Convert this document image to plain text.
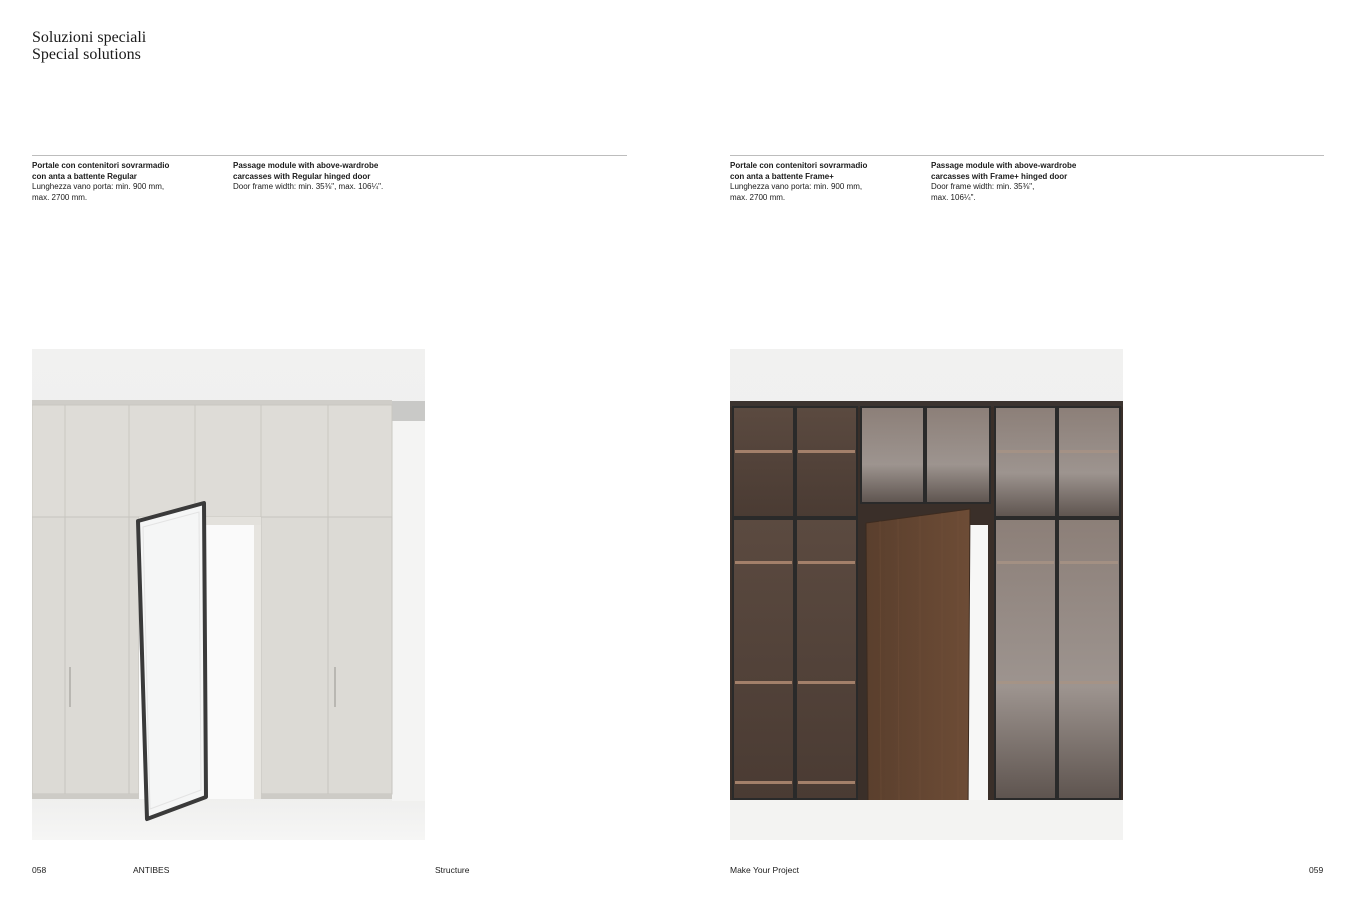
Soluzioni speciali
Special solutions
Portale con contenitori sovrarmadio
con anta a battente Regular
Lunghezza vano porta: min. 900 mm,
max. 2700 mm.
Passage module with above-wardrobe
carcasses with Regular hinged door
Door frame width: min. 35⅜", max. 106¼".
Portale con contenitori sovrarmadio
con anta a battente Frame+
Lunghezza vano porta: min. 900 mm,
max. 2700 mm.
Passage module with above-wardrobe
carcasses with Frame+ hinged door
Door frame width: min. 35⅜",
max. 106¼".
058	ANTIBES	Structure	Make Your Project	059
